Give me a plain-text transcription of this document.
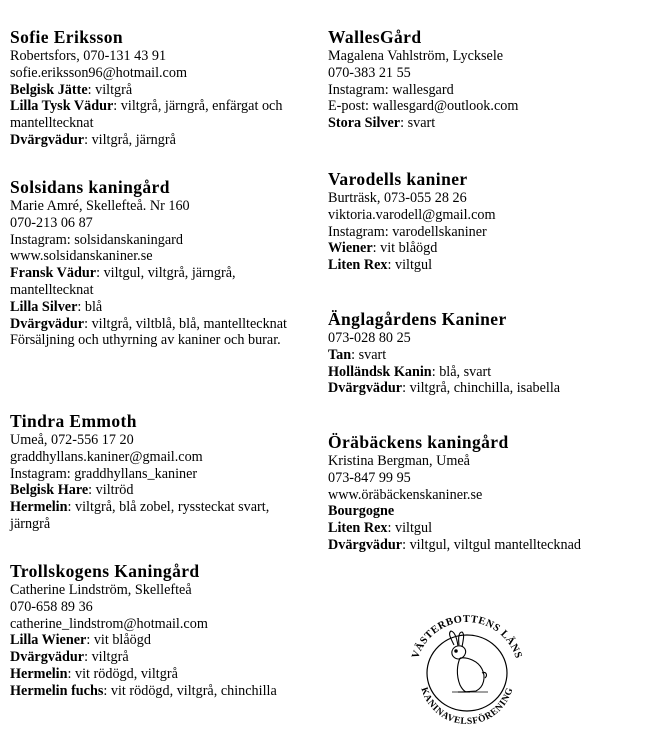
Sofie Eriksson
Robertsfors, 070-131 43 91
sofie.eriksson96@hotmail.com
Belgisk Jätte: viltgrå
Lilla Tysk Vädur: viltgrå, järngrå, enfärgat och mantelltecknat
Dvärgvädur: viltgrå, järngrå
Solsidans kaningård
Marie Amré, Skellefteå. Nr 160
070-213 06 87
Instagram: solsidanskaningard
www.solsidanskaniner.se
Fransk Vädur: viltgul, viltgrå, järngrå, mantelltecknat
Lilla Silver: blå
Dvärgvädur: viltgrå, viltblå, blå, mantelltecknat
Försäljning och uthyrning av kaniner och burar.
Tindra Emmoth
Umeå, 072-556 17 20
graddhyllans.kaniner@gmail.com
Instagram: graddhyllans_kaniner
Belgisk Hare: viltröd
Hermelin: viltgrå, blå zobel, ryssteckat svart, järngrå
Trollskogens Kaningård
Catherine Lindström, Skellefteå
070-658 89 36
catherine_lindstrom@hotmail.com
Lilla Wiener: vit blåögd
Dvärgvädur: viltgrå
Hermelin: vit rödögd, viltgrå
Hermelin fuchs: vit rödögd, viltgrå, chinchilla
WallesGård
Magalena Vahlström, Lycksele
070-383 21 55
Instagram: wallesgard
E-post: wallesgard@outlook.com
Stora Silver: svart
Varodells kaniner
Burträsk, 073-055 28 26
viktoria.varodell@gmail.com
Instagram: varodellskaniner
Wiener: vit blåögd
Liten Rex: viltgul
Änglagårdens Kaniner
073-028 80 25
Tan: svart
Holländsk Kanin: blå, svart
Dvärgvädur: viltgrå, chinchilla, isabella
Öräbäckens kaningård
Kristina Bergman, Umeå
073-847 99 95
www.öräbäckenskaniner.se
Bourgogne
Liten Rex: viltgul
Dvärgvädur: viltgul, viltgul mantelltecknad
VÄSTERBOTTENS LÄNS
KANINAVELSFÖRENING
